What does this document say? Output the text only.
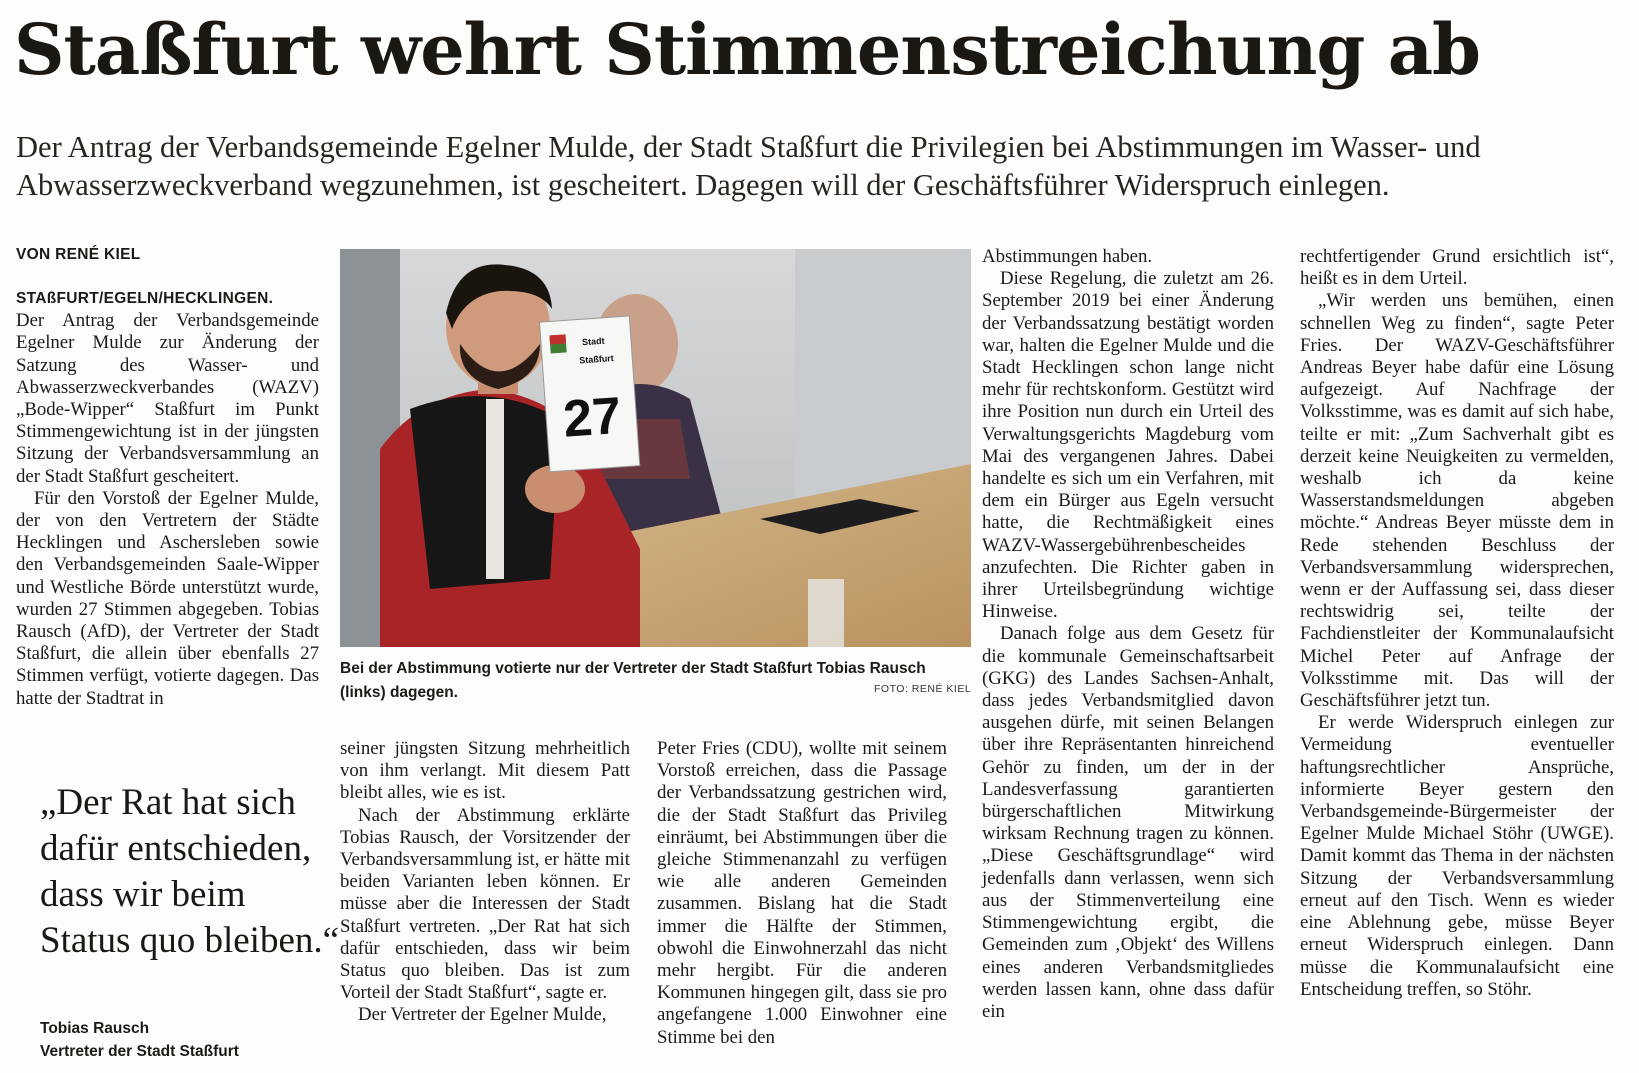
Staßfurt wehrt Stimmenstreichung ab

Der Antrag der Verbandsgemeinde Egelner Mulde, der Stadt Staßfurt die Privilegien bei Abstimmungen im Wasser- und Abwasserzweckverband wegzunehmen, ist gescheitert. Dagegen will der Geschäftsführer Widerspruch einlegen.

VON RENÉ KIEL
STAßFURT/EGELN/HECKLINGEN.

Der Antrag der Verbandsgemeinde Egelner Mulde zur Änderung der Satzung des Wasser- und Abwasserzweckverbandes (WAZV) „Bode-Wipper“ Staßfurt im Punkt Stimmengewichtung ist in der jüngsten Sitzung der Verbandsversammlung an der Stadt Staßfurt gescheitert.

Für den Vorstoß der Egelner Mulde, der von den Vertretern der Städte Hecklingen und Aschersleben sowie den Verbandsgemeinden Saale-Wipper und Westliche Börde unterstützt wurde, wurden 27 Stimmen abgegeben. Tobias Rausch (AfD), der Vertreter der Stadt Staßfurt, die allein über ebenfalls 27 Stimmen verfügt, votierte dagegen. Das hatte der Stadtrat in

Stadt
Staßfurt
27

Bei der Abstimmung votierte nur der Vertreter der Stadt Staßfurt Tobias Rausch (links) dagegen.	FOTO: RENÉ KIEL

„Der Rat hat sich dafür entschieden, dass wir beim Status quo bleiben.“

Tobias Rausch
Vertreter der Stadt Staßfurt

seiner jüngsten Sitzung mehrheitlich von ihm verlangt. Mit diesem Patt bleibt alles, wie es ist.

Nach der Abstimmung erklärte Tobias Rausch, der Vorsitzender der Verbandsversammlung ist, er hätte mit beiden Varianten leben können. Er müsse aber die Interessen der Stadt Staßfurt vertreten. „Der Rat hat sich dafür entschieden, dass wir beim Status quo bleiben. Das ist zum Vorteil der Stadt Staßfurt“, sagte er.

Der Vertreter der Egelner Mulde,

Peter Fries (CDU), wollte mit seinem Vorstoß erreichen, dass die Passage der Verbandssatzung gestrichen wird, die der Stadt Staßfurt das Privileg einräumt, bei Abstimmungen über die gleiche Stimmenanzahl zu verfügen wie alle anderen Gemeinden zusammen. Bislang hat die Stadt immer die Hälfte der Stimmen, obwohl die Einwohnerzahl das nicht mehr hergibt. Für die anderen Kommunen hingegen gilt, dass sie pro angefangene 1.000 Einwohner eine Stimme bei den

Abstimmungen haben.

Diese Regelung, die zuletzt am 26. September 2019 bei einer Änderung der Verbandssatzung bestätigt worden war, halten die Egelner Mulde und die Stadt Hecklingen schon lange nicht mehr für rechtskonform. Gestützt wird ihre Position nun durch ein Urteil des Verwaltungsgerichts Magdeburg vom Mai des vergangenen Jahres. Dabei handelte es sich um ein Verfahren, mit dem ein Bürger aus Egeln versucht hatte, die Rechtmäßigkeit eines WAZV-Wassergebührenbescheides anzufechten. Die Richter gaben in ihrer Urteilsbegründung wichtige Hinweise.

Danach folge aus dem Gesetz für die kommunale Gemeinschaftsarbeit (GKG) des Landes Sachsen-Anhalt, dass jedes Verbandsmitglied davon ausgehen dürfe, mit seinen Belangen über ihre Repräsentanten hinreichend Gehör zu finden, um der in der Landesverfassung garantierten bürgerschaftlichen Mitwirkung wirksam Rechnung tragen zu können. „Diese Geschäftsgrundlage“ wird jedenfalls dann verlassen, wenn sich aus der Stimmenverteilung eine Stimmengewichtung ergibt, die Gemeinden zum ‚Objekt‘ des Willens eines anderen Verbandsmitgliedes werden lassen kann, ohne dass dafür ein

rechtfertigender Grund ersichtlich ist“, heißt es in dem Urteil.

„Wir werden uns bemühen, einen schnellen Weg zu finden“, sagte Peter Fries. Der WAZV-Geschäftsführer Andreas Beyer habe dafür eine Lösung aufgezeigt. Auf Nachfrage der Volksstimme, was es damit auf sich habe, teilte er mit: „Zum Sachverhalt gibt es derzeit keine Neuigkeiten zu vermelden, weshalb ich da keine Wasserstandsmeldungen abgeben möchte.“ Andreas Beyer müsste dem in Rede stehenden Beschluss der Verbandsversammlung widersprechen, wenn er der Auffassung sei, dass dieser rechtswidrig sei, teilte der Fachdienstleiter der Kommunalaufsicht Michel Peter auf Anfrage der Volksstimme mit. Das will der Geschäftsführer jetzt tun.

Er werde Widerspruch einlegen zur Vermeidung eventueller haftungsrechtlicher Ansprüche, informierte Beyer gestern den Verbandsgemeinde-Bürgermeister der Egelner Mulde Michael Stöhr (UWGE). Damit kommt das Thema in der nächsten Sitzung der Verbandsversammlung erneut auf den Tisch. Wenn es wieder eine Ablehnung gebe, müsse Beyer erneut Widerspruch einlegen. Dann müsse die Kommunalaufsicht eine Entscheidung treffen, so Stöhr.
